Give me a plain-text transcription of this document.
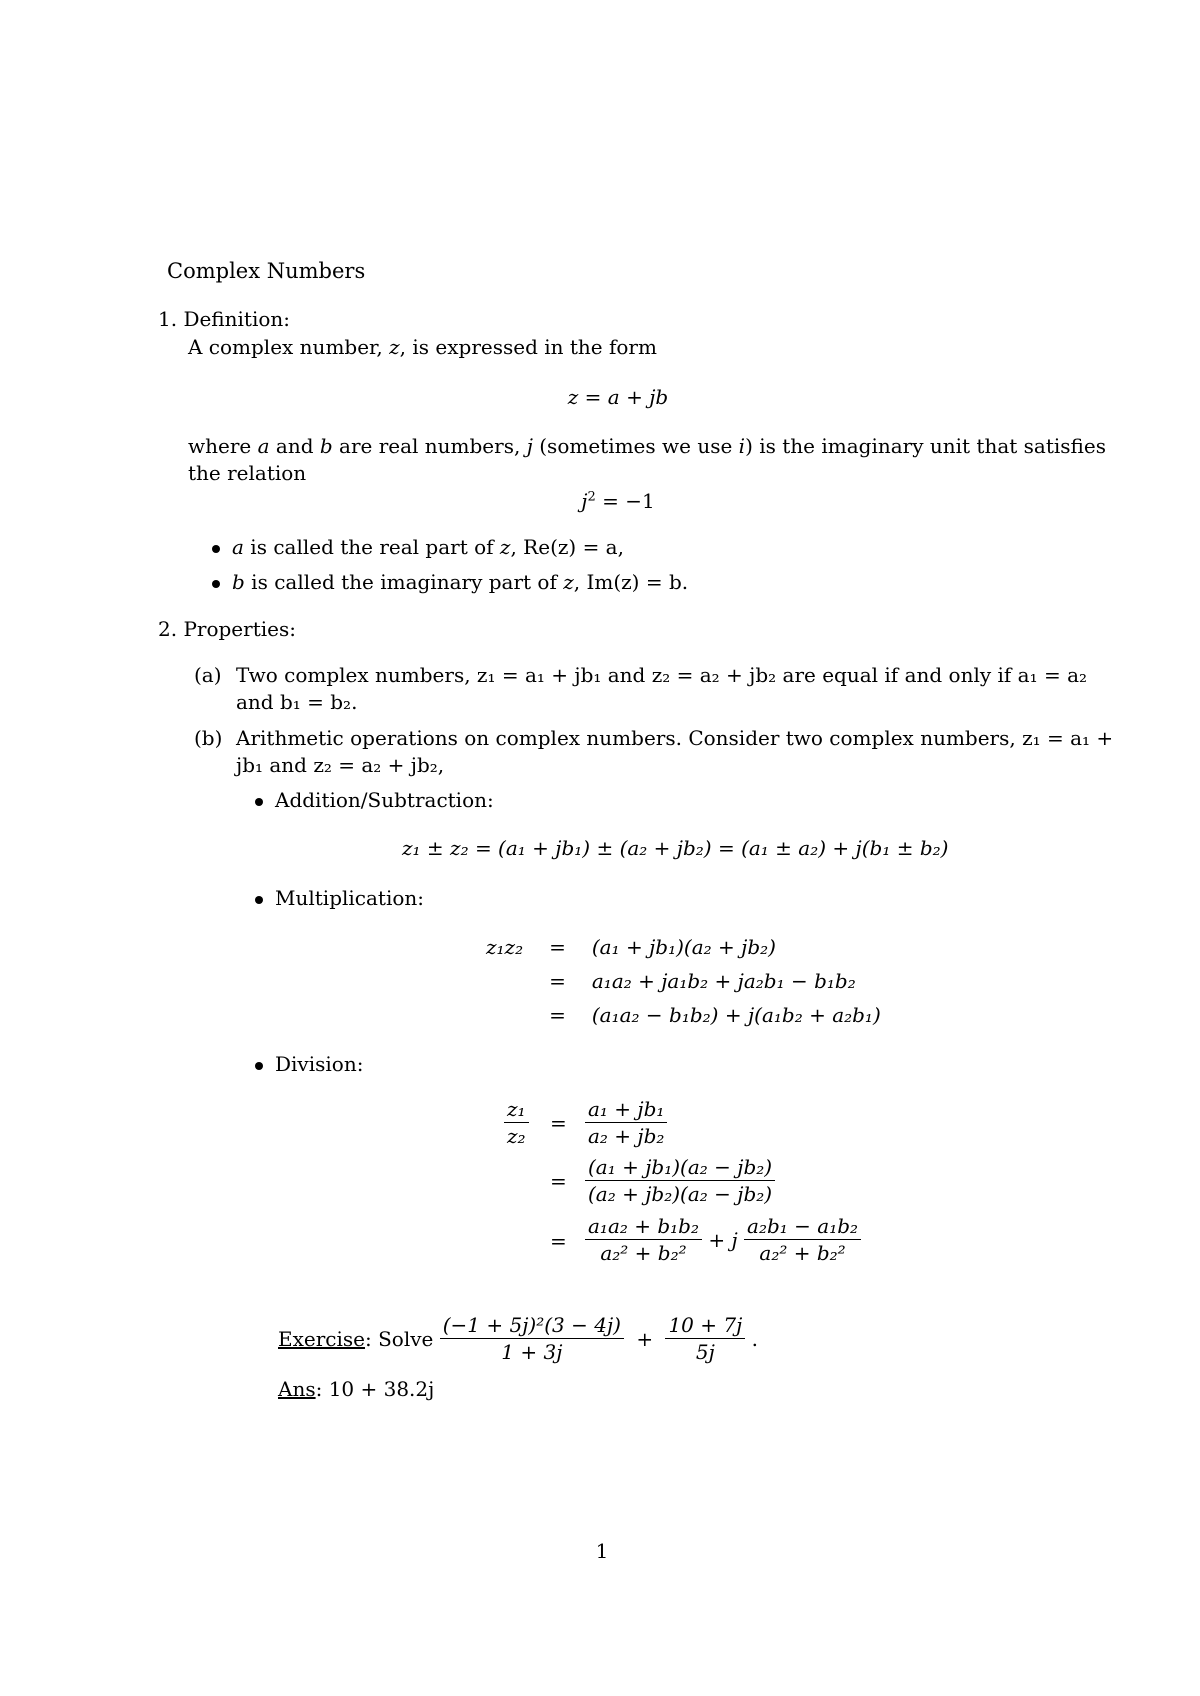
Complex Numbers
1. Definition:
A complex number, z, is expressed in the form
z = a + jb
where a and b are real numbers, j (sometimes we use i) is the imaginary unit that satisfies
the relation
$j^2 = -1$
a is called the real part of z, Re(z) = a,
b is called the imaginary part of z, Im(z) = b.
2. Properties:
(a) Two complex numbers, z₁ = a₁ + jb₁ and z₂ = a₂ + jb₂ are equal if and only if a₁ = a₂
and b₁ = b₂.
(b) Arithmetic operations on complex numbers. Consider two complex numbers, z₁ = a₁ +
jb₁ and z₂ = a₂ + jb₂,
Addition/Subtraction:
z₁ ± z₂ = (a₁ + jb₁) ± (a₂ + jb₂) = (a₁ ± a₂) + j(b₁ ± b₂)
Multiplication:
z₁z₂	=	(a₁ + jb₁)(a₂ + jb₂)
	=	a₁a₂ + ja₁b₂ + ja₂b₁ − b₁b₂
	=	(a₁a₂ − b₁b₂) + j(a₁b₂ + a₂b₁)
Division:
$\frac{\text{z₁}}{\text{z₂}} = \frac{\text{a₁ + jb₁}}{\text{a₂ + jb₂}}$
= $\frac{\text{(a₁ + jb₁)(a₂ − jb₂)}}{\text{(a₂ + jb₂)(a₂ − jb₂)}}$
= $\frac{\text{a₁a₂ + b₁b₂}}{\text{a₂² + b₂²}} + j \frac{\text{a₂b₁ − a₁b₂}}{\text{a₂² + b₂²}}$
Exercise: Solve $\frac{\text{(−1 + 5j)²(3 − 4j)}}{1 + 3j} + \frac{10 + 7j}{5j}$ .
Ans: 10 + 38.2j
1
